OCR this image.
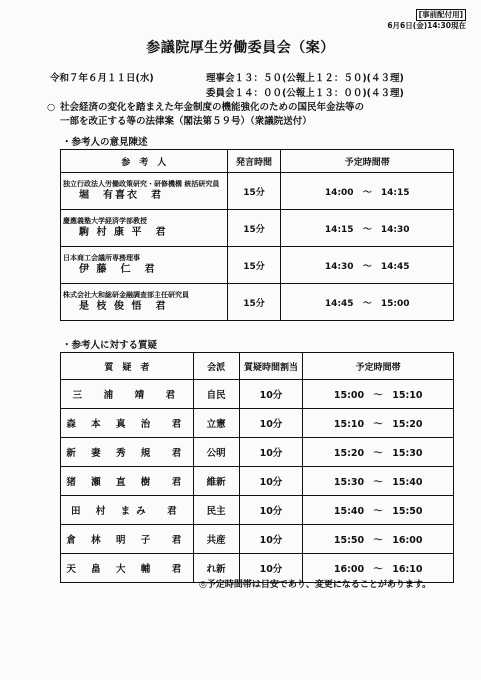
[事前配付用]
6月6日(金)14:30現在
参議院厚生労働委員会（案）
令和７年６月１１日(水)	理事会１３：５０(公報上１２：５０)(４３理)
委員会１４：００(公報上１３：００)(４３理)
○ 社会経済の変化を踏まえた年金制度の機能強化のための国民年金法等の
一部を改正する等の法律案（閣法第５９号）（衆議院送付）
・参考人の意見陳述
参　考　人	発言時間	予定時間帯

独立行政法人労働政策研究・研修機構 統括研究員
堀　有喜衣　君	15分	14:00 〜 14:15

慶應義塾大学経済学部教授
駒 村 康 平　君	15分	14:15 〜 14:30

日本商工会議所専務理事
伊 藤　仁　君	15分	14:30 〜 14:45

株式会社大和総研金融調査部主任研究員
是 枝 俊 悟　君	15分	14:45 〜 15:00
・参考人に対する質疑
質　疑　者	会派	質疑時間割当	予定時間帯
三　浦　靖　君	自民	10分	15:00 〜 15:10
森 本 真 治　君	立憲	10分	15:10 〜 15:20
新 妻 秀 規　君	公明	10分	15:20 〜 15:30
猪 瀬 直 樹　君	維新	10分	15:30 〜 15:40
田 村 まみ　君	民主	10分	15:40 〜 15:50
倉 林 明 子　君	共産	10分	15:50 〜 16:00
天 畠 大 輔　君	れ新	10分	16:00 〜 16:10
◎予定時間帯は目安であり、変更になることがあります。
